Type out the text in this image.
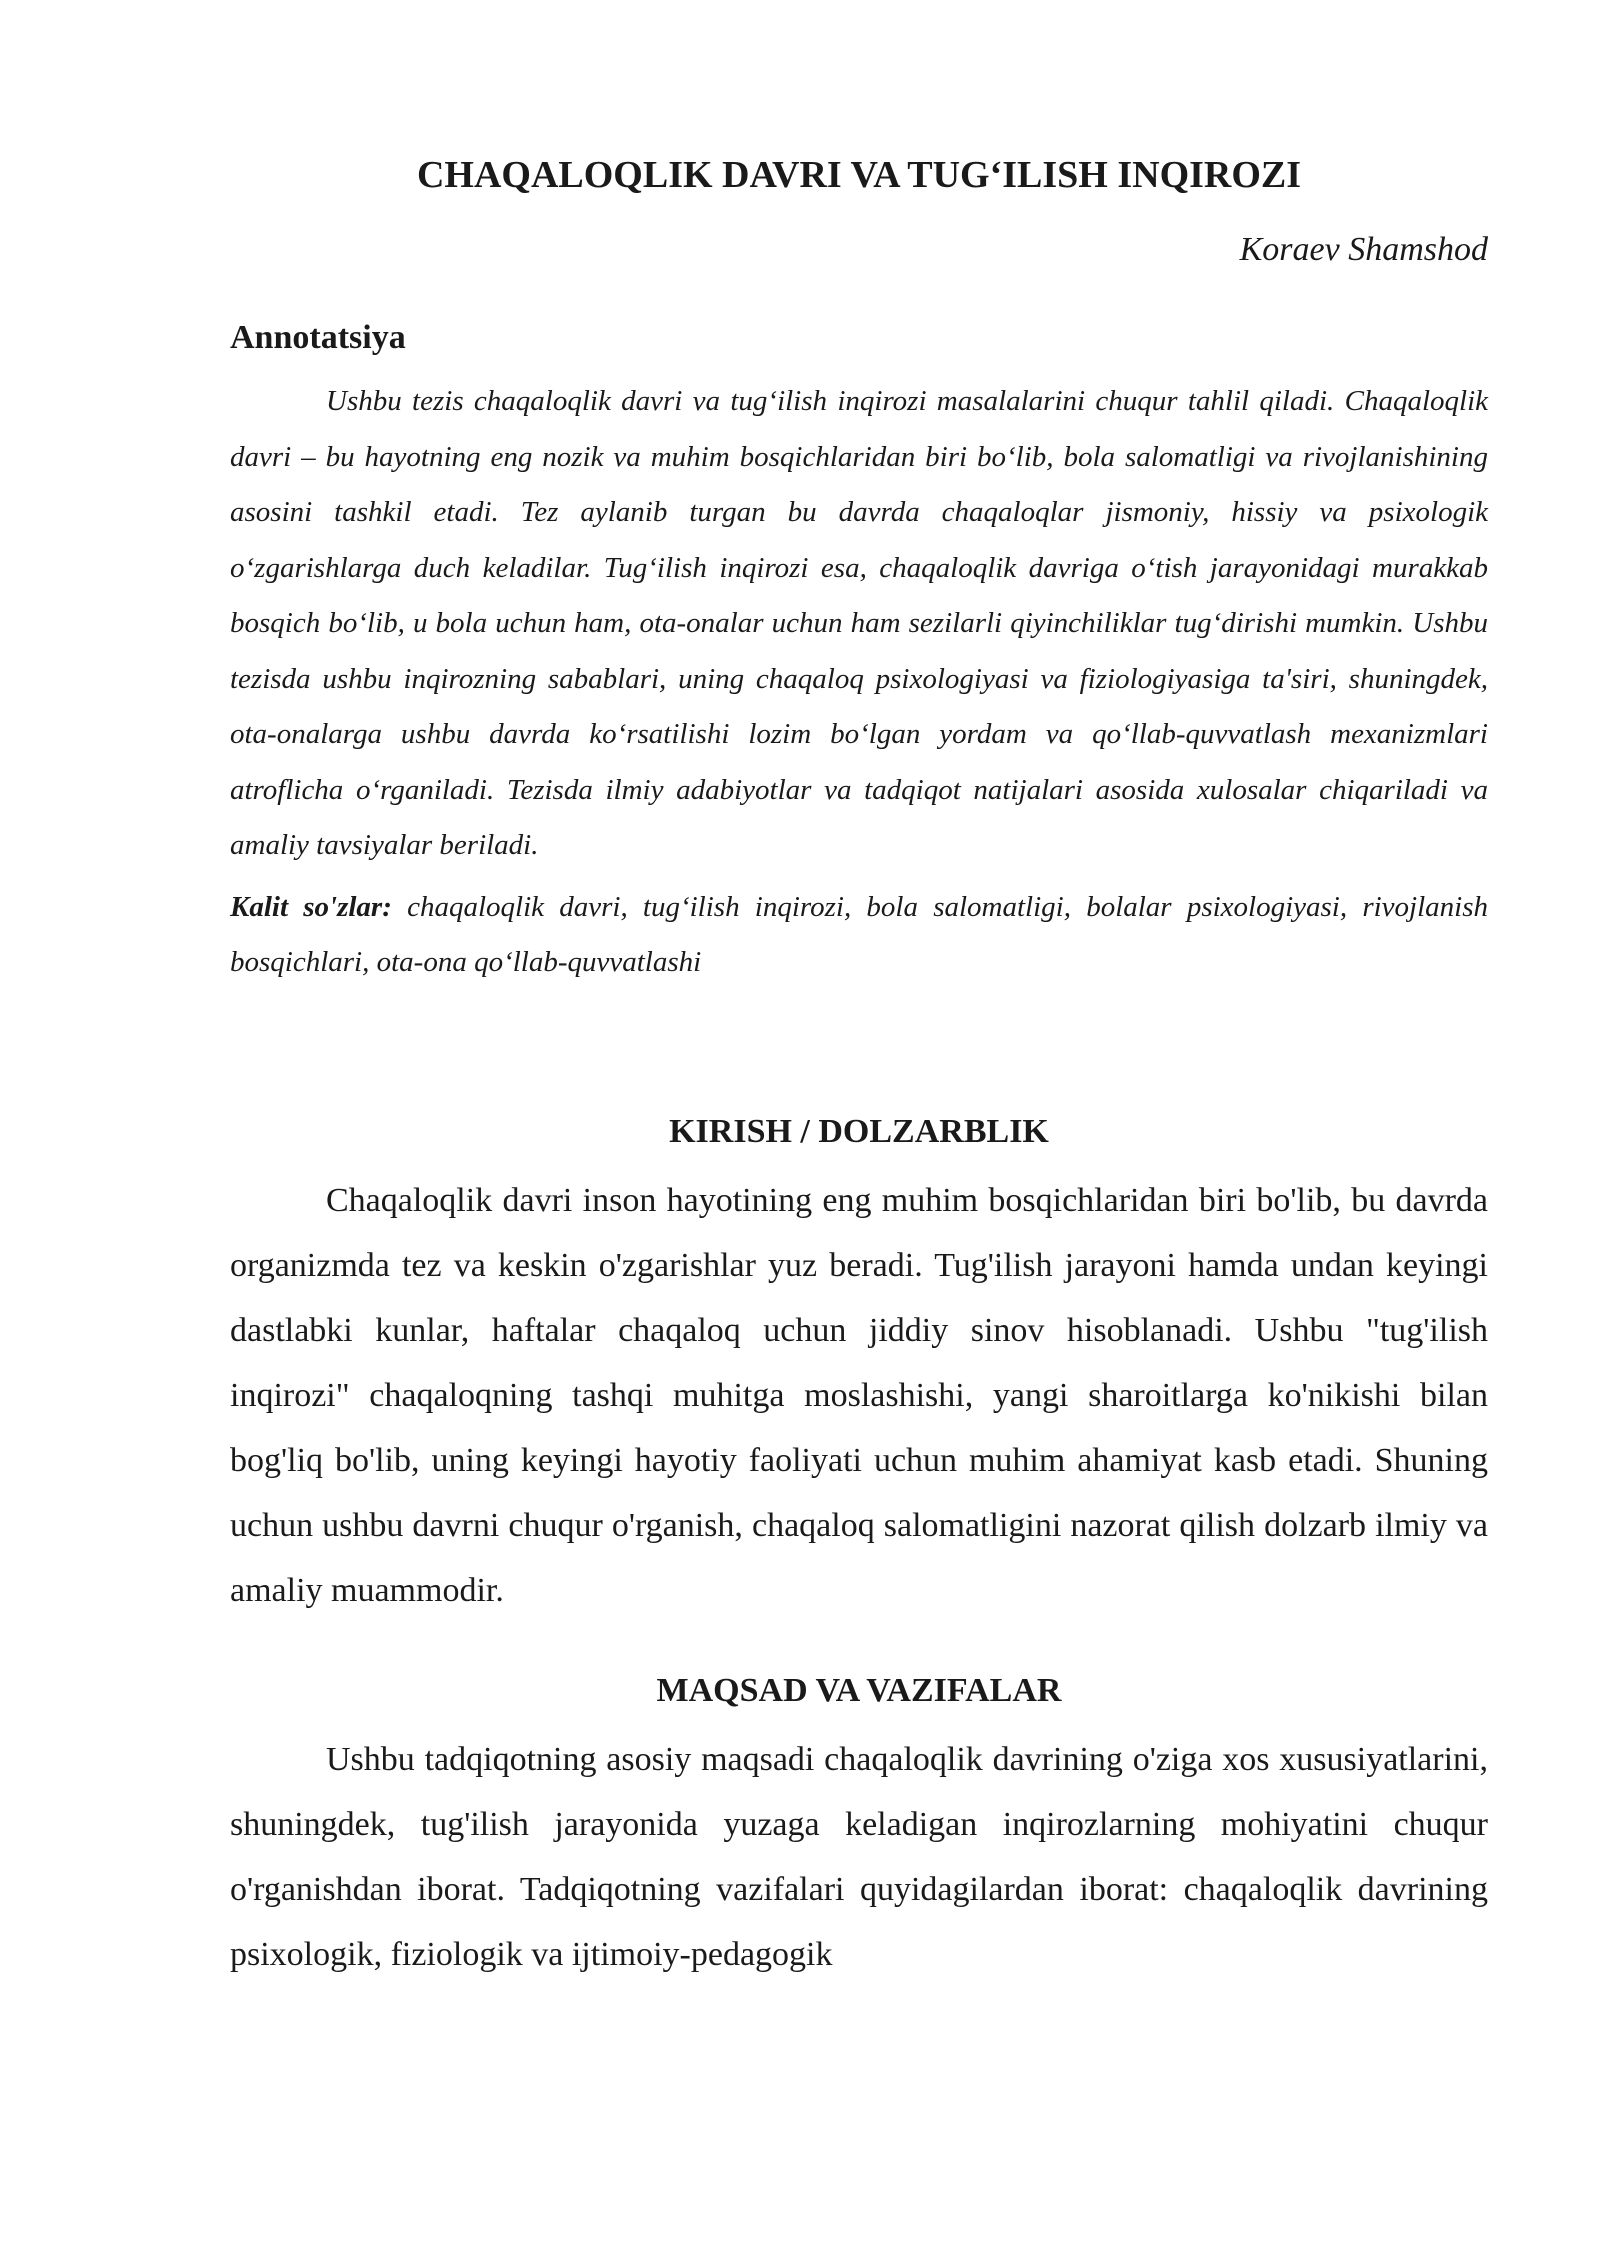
CHAQALOQLIK DAVRI VA TUG‘ILISH INQIROZI

Koraev Shamshod

Annotatsiya

Ushbu tezis chaqaloqlik davri va tug‘ilish inqirozi masalalarini chuqur tahlil qiladi. Chaqaloqlik davri – bu hayotning eng nozik va muhim bosqichlaridan biri bo‘lib, bola salomatligi va rivojlanishining asosini tashkil etadi. Tez aylanib turgan bu davrda chaqaloqlar jismoniy, hissiy va psixologik o‘zgarishlarga duch keladilar. Tug‘ilish inqirozi esa, chaqaloqlik davriga o‘tish jarayonidagi murakkab bosqich bo‘lib, u bola uchun ham, ota-onalar uchun ham sezilarli qiyinchiliklar tug‘dirishi mumkin. Ushbu tezisda ushbu inqirozning sabablari, uning chaqaloq psixologiyasi va fiziologiyasiga ta'siri, shuningdek, ota-onalarga ushbu davrda ko‘rsatilishi lozim bo‘lgan yordam va qo‘llab-quvvatlash mexanizmlari atroflicha o‘rganiladi. Tezisda ilmiy adabiyotlar va tadqiqot natijalari asosida xulosalar chiqariladi va amaliy tavsiyalar beriladi.

Kalit so'zlar: chaqaloqlik davri, tug‘ilish inqirozi, bola salomatligi, bolalar psixologiyasi, rivojlanish bosqichlari, ota-ona qo‘llab-quvvatlashi

KIRISH / DOLZARBLIK

Chaqaloqlik davri inson hayotining eng muhim bosqichlaridan biri bo'lib, bu davrda organizmda tez va keskin o'zgarishlar yuz beradi. Tug'ilish jarayoni hamda undan keyingi dastlabki kunlar, haftalar chaqaloq uchun jiddiy sinov hisoblanadi. Ushbu "tug'ilish inqirozi" chaqaloqning tashqi muhitga moslashishi, yangi sharoitlarga ko'nikishi bilan bog'liq bo'lib, uning keyingi hayotiy faoliyati uchun muhim ahamiyat kasb etadi. Shuning uchun ushbu davrni chuqur o'rganish, chaqaloq salomatligini nazorat qilish dolzarb ilmiy va amaliy muammodir.

MAQSAD VA VAZIFALAR

Ushbu tadqiqotning asosiy maqsadi chaqaloqlik davrining o'ziga xos xususiyatlarini, shuningdek, tug'ilish jarayonida yuzaga keladigan inqirozlarning mohiyatini chuqur o'rganishdan iborat. Tadqiqotning vazifalari quyidagilardan iborat: chaqaloqlik davrining psixologik, fiziologik va ijtimoiy-pedagogik
